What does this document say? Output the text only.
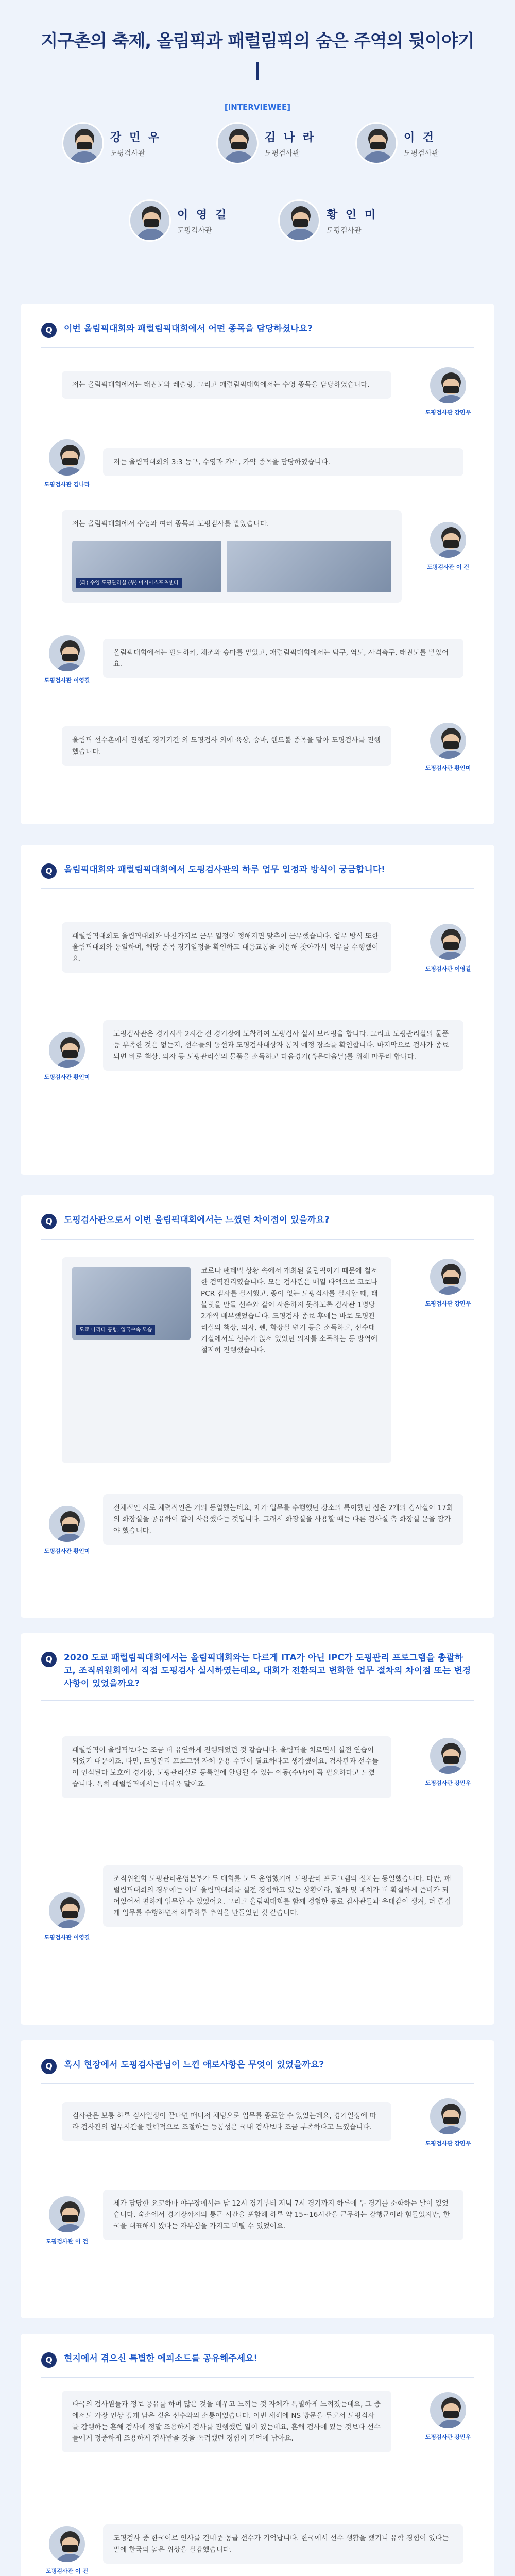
지구촌의 축제, 올림픽과 패럴림픽의 숨은 주역의 뒷이야기
[INTERVIEWEE]
강 민 우
도핑검사관
김 나 라
도핑검사관
이 건
도핑검사관
이 영 길
도핑검사관
황 인 미
도핑검사관
Q	이번 올림픽대회와 패럴림픽대회에서 어떤 종목을 담당하셨나요?
저는 올림픽대회에서는 태권도와 레슬링, 그리고 패럴림픽대회에서는 수영 종목을 담당하였습니다.
도핑검사관 강민우
도핑검사관 김나라
저는 올림픽대회의 3:3 농구, 수영과 카누, 카약 종목을 담당하였습니다.
저는 올림픽대회에서 수영과 여러 종목의 도핑검사를 맡았습니다.
(좌) 수영 도핑관리실 (우) 아시아스포츠센터
도핑검사관 이 건
도핑검사관 이영길
올림픽대회에서는 필드하키, 체조와 승마를 맡았고, 패럴림픽대회에서는 탁구, 역도, 사격축구, 태권도를 맡았어요.
올림픽 선수촌에서 진행된 경기기간 외 도핑검사 외에 육상, 승마, 핸드볼 종목을 맡아 도핑검사를 진행했습니다.
도핑검사관 황인미
Q	올림픽대회와 패럴림픽대회에서 도핑검사관의 하루 업무 일정과 방식이 궁금합니다!
패럴림픽대회도 올림픽대회와 마찬가지로 근무 일정이 정해지면 맞추어 근무했습니다. 업무 방식 또한 올림픽대회와 동일하며, 해당 종목 경기일정을 확인하고 대응교통을 이용해 찾아가서 업무를 수행했어요.
도핑검사관 이영길
도핑검사관 황인미
도핑검사관은 경기시작 2시간 전 경기장에 도착하여 도핑검사 실시 브리핑을 합니다. 그리고 도핑관리실의 물품 등 부족한 것은 없는지, 선수들의 동선과 도핑검사대상자 통지 예정 장소를 확인합니다. 마지막으로 검사가 종료되면 바로 책상, 의자 등 도핑관리실의 물품을 소독하고 다음경기(혹은다음날)를 위해 마무리 합니다.
Q	도핑검사관으로서 이번 올림픽대회에서는 느꼈던 차이점이 있을까요?
도쿄 나리타 공항, 입국수속 모습
코로나 팬데믹 상황 속에서 개최된 올림픽이기 때문에 철저한 검역관리였습니다. 모든 검사관은 매일 타액으로 코로나 PCR 검사를 실시했고, 종이 없는 도핑검사를 실시할 때, 태블릿을 만들 선수와 같이 사용하지 못하도록 검사관 1명당 2개씩 배부했었습니다. 도핑검사 종료 후에는 바로 도핑관리실의 책상, 의자, 펜, 화장실 변기 등을 소독하고, 선수대기실에서도 선수가 앉서 있었던 의자를 소독하는 등 방역에 철저히 진행했습니다.
도핑검사관 강민우
도핑검사관 황인미
전체적인 시로 체력적인은 거의 동일했는데요, 제가 업무를 수행했던 장소의 특이했던 점은 2개의 검사실이 17회의 화장실을 공유하여 같이 사용했다는 것입니다. 그래서 화장실을 사용할 때는 다른 검사실 측 화장실 문을 잠가야 했습니다.
Q	2020 도쿄 패럴림픽대회에서는 올림픽대회와는 다르게 ITA가 아닌 IPC가 도핑관리 프로그램을 총괄하고, 조직위원회에서 직접 도핑검사 실시하였는데요, 대회가 전환되고 변화한 업무 절차의 차이점 또는 변경사항이 있었을까요?
패럴림픽이 올림픽보다는 조금 더 유연하게 진행되었던 것 같습니다. 올림픽을 치르면서 실전 연습이 되었기 때문이죠. 다만, 도핑관리 프로그램 자체 운용 수단이 필요하다고 생각했어요. 검사관과 선수들이 인식된다 보호에 경기장, 도핑관리실로 등록일에 할당될 수 있는 이동(수단)이 꼭 필요하다고 느꼈습니다. 특히 패럴림픽에서는 더더욱 말이죠.	도핑검사관 강민우
도핑검사관 이영길
조직위원회 도핑관리운영본부가 두 대회를 모두 운영했기에 도핑관리 프로그램의 절차는 동일했습니다. 다만, 패럴림픽대회의 경우에는 이미 올림픽대회를 실전 경험하고 있는 상황이라, 절차 및 배치가 더 확실하게 준비가 되어있어서 편하게 업무할 수 있었어요. 그리고 올림픽대회를 함께 경험한 동료 검사관들과 유대감이 생겨, 더 즐겁게 업무를 수행하면서 하루하루 추억을 만들었던 것 같습니다.
Q	혹시 현장에서 도핑검사관님이 느낀 애로사항은 무엇이 있었을까요?
검사관은 보통 하루 검사일정이 끝나면 매니저 채팅으로 업무를 종료할 수 있었는데요, 경기일정에 따라 검사관의 업무시간을 탄력적으로 조절하는 등통성은 국내 검사보다 조금 부족하다고 느꼈습니다.
도핑검사관 강민우
도핑검사관 이 건
제가 담당한 요코하마 야구장에서는 남 12시 경기부터 저녁 7시 경기까지 하루에 두 경기를 소화하는 날이 있었습니다. 숙소에서 경기장까지의 통근 시간을 포함해 하루 약 15~16시간을 근무하는 강행군이라 힘들었지만, 한국을 대표해서 왔다는 자부심을 가지고 버틸 수 있었어요.
Q	현지에서 겪으신 특별한 에피소드를 공유해주세요!
타국의 검사원들과 정보 공유를 하며 많은 것을 배우고 느끼는 것 자체가 특별하게 느껴졌는데요, 그 중에서도 가장 인상 깊게 남은 것은 선수와의 소통이었습니다. 이번 새해에 NS 방문을 두고서 도핑검사를 감행하는 흔해 검사에 정말 조용하게 검사를 진행했던 일이 있는데요, 흔해 검사에 있는 것보다 선수들에게 정중하게 조용하게 검사받을 것을 독려했던 경험이 기억에 남아요.	도핑검사관 강민우
도핑검사관 이 건
도핑검사 중 한국어로 인사를 건네준 몽골 선수가 기억납니다. 한국에서 선수 생활을 했기니 유학 경험이 있다는 말에 한국의 높은 위상을 실감했습니다.
